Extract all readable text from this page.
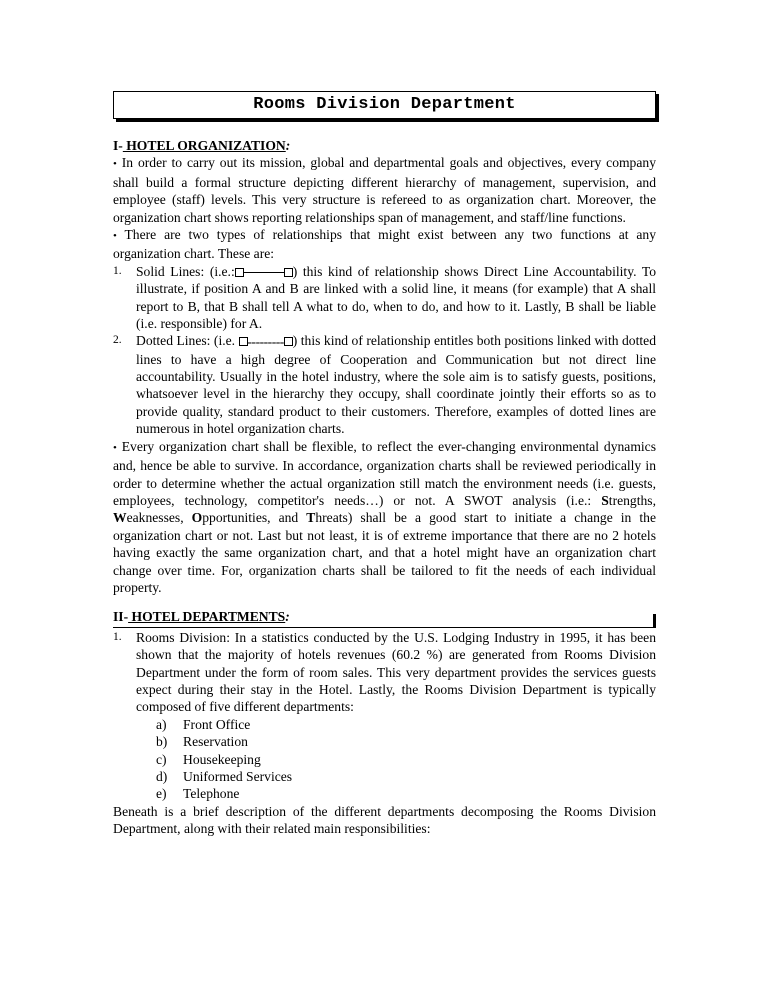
Rooms Division Department
I- HOTEL ORGANIZATION:

• In order to carry out its mission, global and departmental goals and objectives, every company shall build a formal structure depicting different hierarchy of management, supervision, and employee (staff) levels. This very structure is refereed to as organization chart. Moreover, the organization chart shows reporting relationships span of management, and staff/line functions.

• There are two types of relationships that might exist between any two functions at any organization chart. These are:

1. Solid Lines: (i.e.:	) this kind of relationship shows Direct Line Accountability. To illustrate, if position A and B are linked with a solid line, it means (for example) that A shall report to B, that B shall tell A what to do, when to do, and how to it. Lastly, B shall be liable (i.e. responsible) for A.
2. Dotted Lines: (i.e. --------- ) this kind of relationship entitles both positions linked with dotted lines to have a high degree of Cooperation and Communication but not direct line accountability. Usually in the hotel industry, where the sole aim is to satisfy guests, positions, whatsoever level in the hierarchy they occupy, shall coordinate jointly their efforts so as to provide quality, standard product to their customers. Therefore, examples of dotted lines are numerous in hotel organization charts.

• Every organization chart shall be flexible, to reflect the ever-changing environmental dynamics and, hence be able to survive. In accordance, organization charts shall be reviewed periodically in order to determine whether the actual organization still match the environment needs (i.e. guests, employees, technology, competitor's needs…) or not. A SWOT analysis (i.e.: Strengths, Weaknesses, Opportunities, and Threats) shall be a good start to initiate a change in the organization chart or not. Last but not least, it is of extreme importance that there are no 2 hotels having exactly the same organization chart, and that a hotel might have an organization chart change over time. For, organization charts shall be tailored to fit the needs of each individual property.

II- HOTEL DEPARTMENTS:
1. Rooms Division: In a statistics conducted by the U.S. Lodging Industry in 1995, it has been shown that the majority of hotels revenues (60.2 %) are generated from Rooms Division Department under the form of room sales. This very department provides the services guests expect during their stay in the Hotel. Lastly, the Rooms Division Department is typically composed of five different departments:
a) Front Office
b) Reservation
c) Housekeeping
d) Uniformed Services
e) Telephone

Beneath is a brief description of the different departments decomposing the Rooms Division Department, along with their related main responsibilities:
